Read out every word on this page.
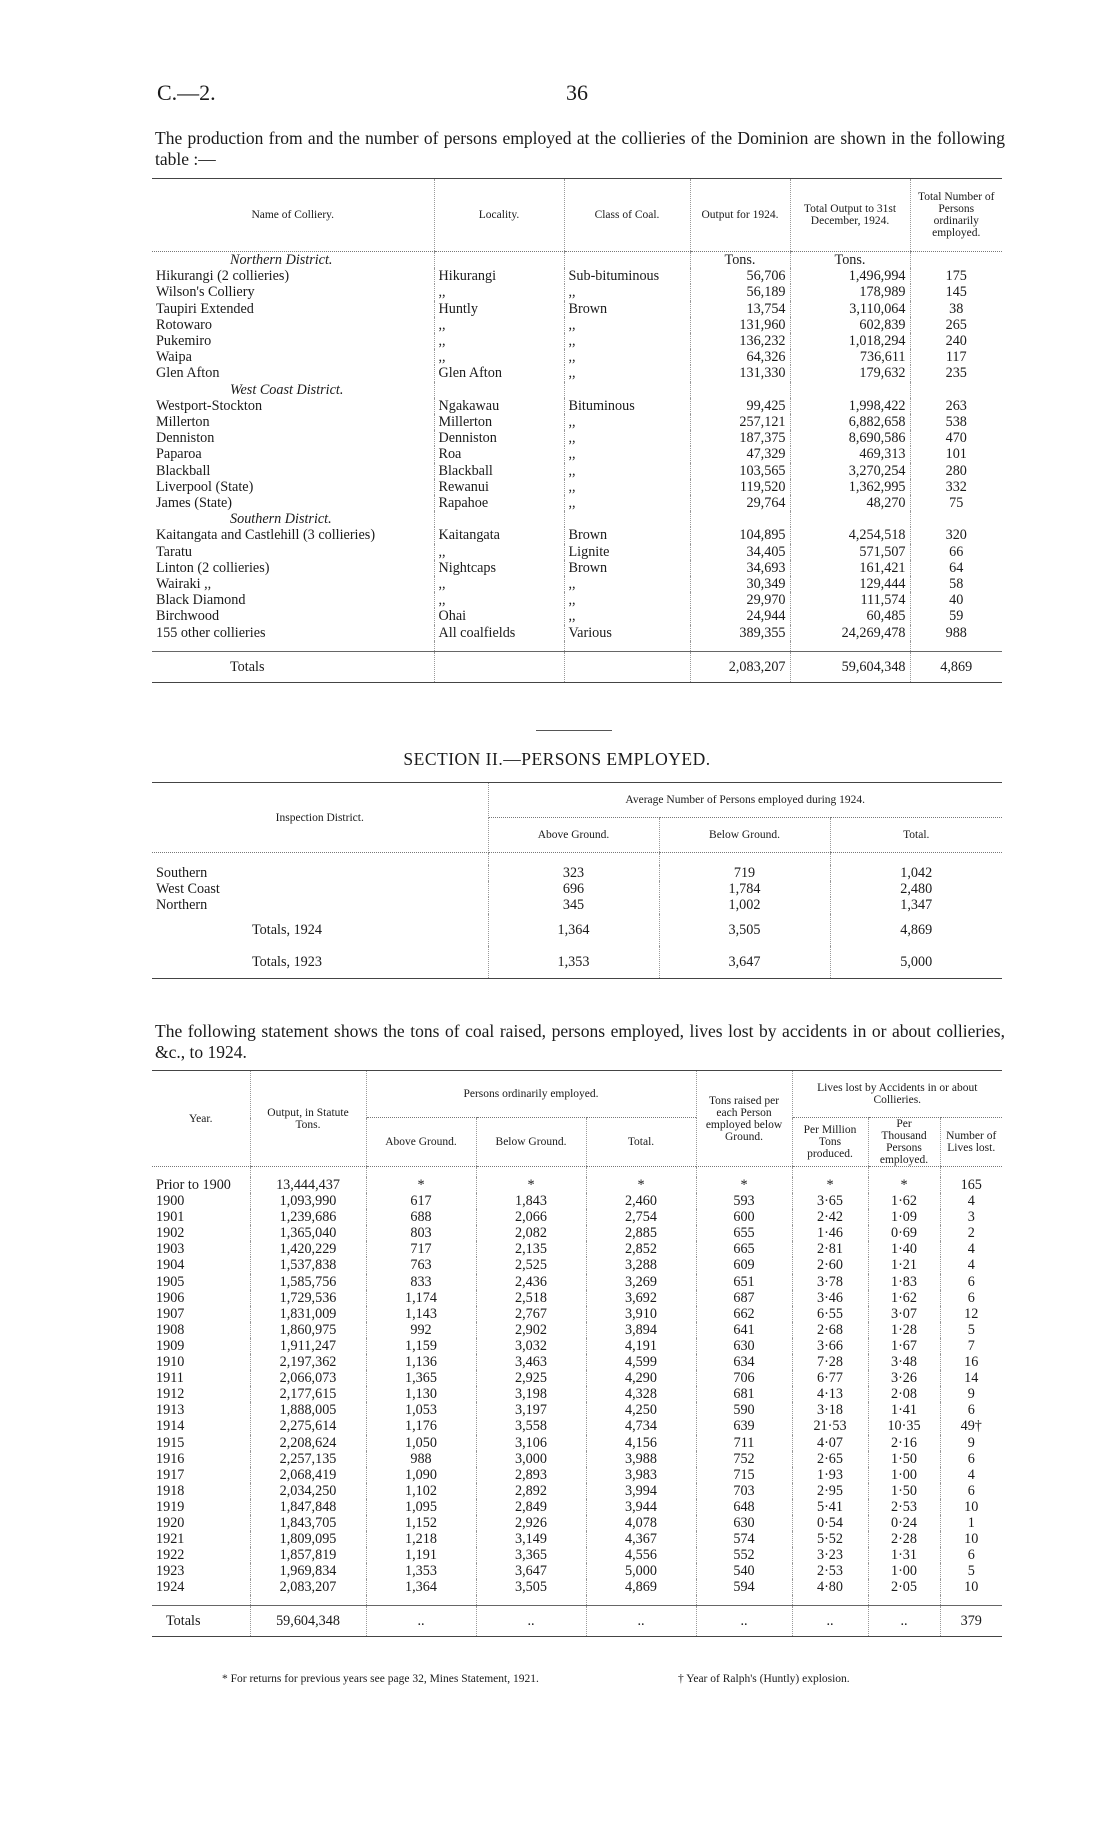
C.—2.	36
The production from and the number of persons employed at the collieries of the Dominion are shown in the following table :—
Name of Colliery.	Locality.	Class of Coal.	Output for 1924.	Total Output to 31st December, 1924.	Total Number of Persons ordinarily employed.
Northern District.			Tons.	Tons.	
Hikurangi (2 collieries)	Hikurangi	Sub-bituminous	56,706	1,496,994	175
Wilson's Colliery	,,	,,	56,189	178,989	145
Taupiri Extended	Huntly	Brown	13,754	3,110,064	38
Rotowaro	,,	,,	131,960	602,839	265
Pukemiro	,,	,,	136,232	1,018,294	240
Waipa	,,	,,	64,326	736,611	117
Glen Afton	Glen Afton	,,	131,330	179,632	235
West Coast District.					
Westport-Stockton	Ngakawau	Bituminous	99,425	1,998,422	263
Millerton	Millerton	,,	257,121	6,882,658	538
Denniston	Denniston	,,	187,375	8,690,586	470
Paparoa	Roa	,,	47,329	469,313	101
Blackball	Blackball	,,	103,565	3,270,254	280
Liverpool (State)	Rewanui	,,	119,520	1,362,995	332
James (State)	Rapahoe	,,	29,764	48,270	75
Southern District.					
Kaitangata and Castlehill (3 collieries)	Kaitangata	Brown	104,895	4,254,518	320
Taratu	,,	Lignite	34,405	571,507	66
Linton (2 collieries)	Nightcaps	Brown	34,693	161,421	64
Wairaki ,,	,,	,,	30,349	129,444	58
Black Diamond	,,	,,	29,970	111,574	40
Birchwood	Ohai	,,	24,944	60,485	59
155 other collieries	All coalfields	Various	389,355	24,269,478	988

Totals			2,083,207	59,604,348	4,869
SECTION II.—PERSONS EMPLOYED.
Inspection District.	Average Number of Persons employed during 1924.		
	Above Ground.	Below Ground.	Total.

Southern	323	719	1,042
West Coast	696	1,784	2,480
Northern	345	1,002	1,347
Totals, 1924	1,364	3,505	4,869
Totals, 1923	1,353	3,647	5,000
The following statement shows the tons of coal raised, persons employed, lives lost by accidents in or about collieries, &c., to 1924.
Year.	Output, in Statute Tons.	Persons ordinarily employed.			Tons raised per each Person employed below Ground.	Lives lost by Accidents in or about Collieries.		
		Above Ground.	Below Ground.	Total.		Per Million Tons produced.	Per Thousand Persons employed.	Number of Lives lost.

Prior to 1900	13,444,437	*	*	*	*	*	*	165
1900	1,093,990	617	1,843	2,460	593	3·65	1·62	4
1901	1,239,686	688	2,066	2,754	600	2·42	1·09	3
1902	1,365,040	803	2,082	2,885	655	1·46	0·69	2
1903	1,420,229	717	2,135	2,852	665	2·81	1·40	4
1904	1,537,838	763	2,525	3,288	609	2·60	1·21	4
1905	1,585,756	833	2,436	3,269	651	3·78	1·83	6
1906	1,729,536	1,174	2,518	3,692	687	3·46	1·62	6
1907	1,831,009	1,143	2,767	3,910	662	6·55	3·07	12
1908	1,860,975	992	2,902	3,894	641	2·68	1·28	5
1909	1,911,247	1,159	3,032	4,191	630	3·66	1·67	7
1910	2,197,362	1,136	3,463	4,599	634	7·28	3·48	16
1911	2,066,073	1,365	2,925	4,290	706	6·77	3·26	14
1912	2,177,615	1,130	3,198	4,328	681	4·13	2·08	9
1913	1,888,005	1,053	3,197	4,250	590	3·18	1·41	6
1914	2,275,614	1,176	3,558	4,734	639	21·53	10·35	49†
1915	2,208,624	1,050	3,106	4,156	711	4·07	2·16	9
1916	2,257,135	988	3,000	3,988	752	2·65	1·50	6
1917	2,068,419	1,090	2,893	3,983	715	1·93	1·00	4
1918	2,034,250	1,102	2,892	3,994	703	2·95	1·50	6
1919	1,847,848	1,095	2,849	3,944	648	5·41	2·53	10
1920	1,843,705	1,152	2,926	4,078	630	0·54	0·24	1
1921	1,809,095	1,218	3,149	4,367	574	5·52	2·28	10
1922	1,857,819	1,191	3,365	4,556	552	3·23	1·31	6
1923	1,969,834	1,353	3,647	5,000	540	2·53	1·00	5
1924	2,083,207	1,364	3,505	4,869	594	4·80	2·05	10

Totals	59,604,348	..	..	..	..	..	..	379
* For returns for previous years see page 32, Mines Statement, 1921.	† Year of Ralph's (Huntly) explosion.
